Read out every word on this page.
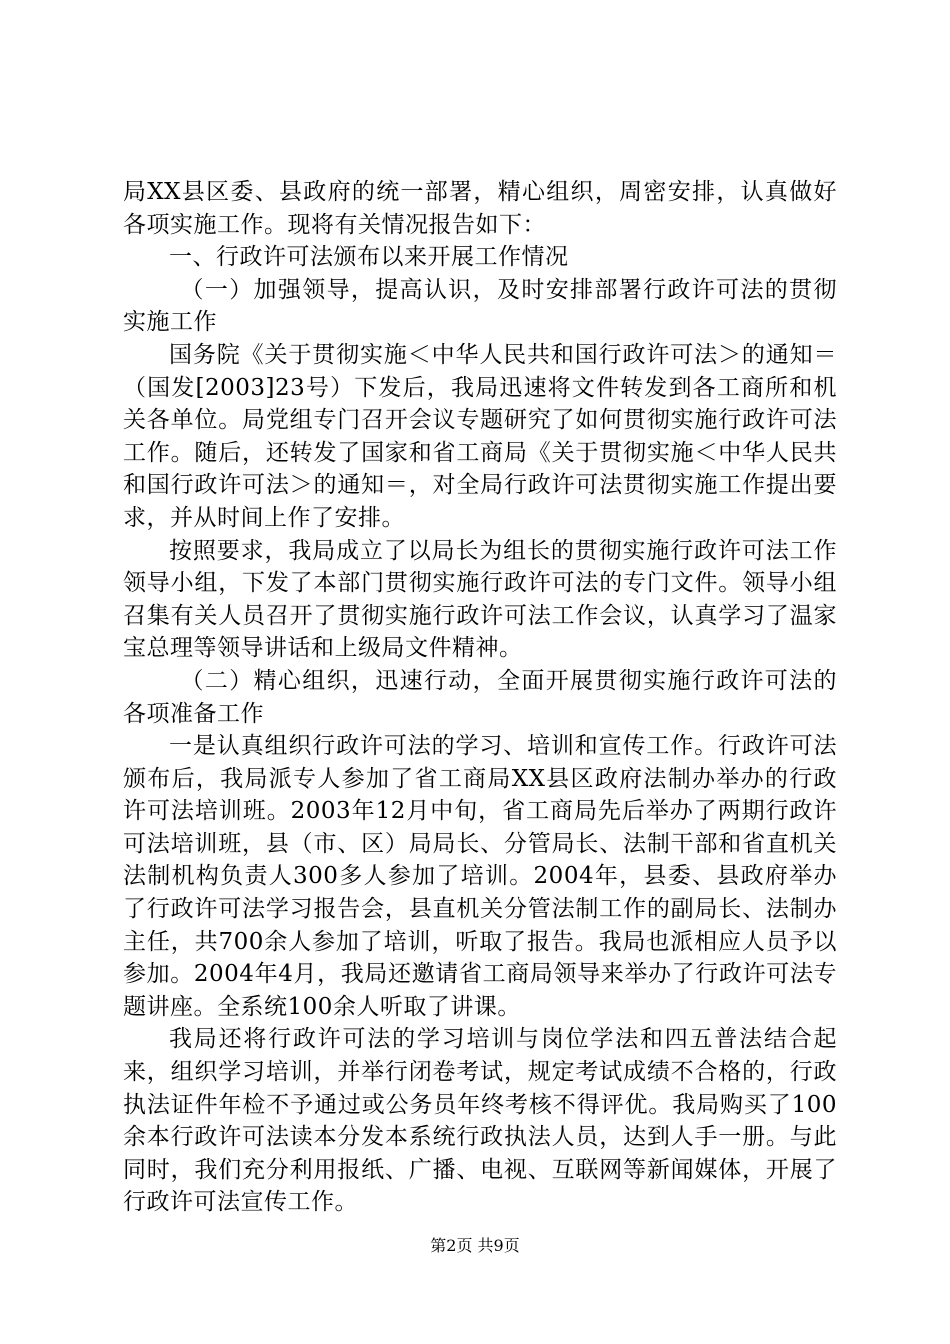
局XX县区委、县政府的统一部署，精心组织，周密安排，认真做好各项实施工作。现将有关情况报告如下：

一、行政许可法颁布以来开展工作情况

（一）加强领导，提高认识，及时安排部署行政许可法的贯彻实施工作

国务院《关于贯彻实施＜中华人民共和国行政许可法＞的通知＝（国发[2003]23号）下发后，我局迅速将文件转发到各工商所和机关各单位。局党组专门召开会议专题研究了如何贯彻实施行政许可法工作。随后，还转发了国家和省工商局《关于贯彻实施＜中华人民共和国行政许可法＞的通知＝，对全局行政许可法贯彻实施工作提出要求，并从时间上作了安排。

按照要求，我局成立了以局长为组长的贯彻实施行政许可法工作领导小组，下发了本部门贯彻实施行政许可法的专门文件。领导小组召集有关人员召开了贯彻实施行政许可法工作会议，认真学习了温家宝总理等领导讲话和上级局文件精神。

（二）精心组织，迅速行动，全面开展贯彻实施行政许可法的各项准备工作

一是认真组织行政许可法的学习、培训和宣传工作。行政许可法颁布后，我局派专人参加了省工商局XX县区政府法制办举办的行政许可法培训班。2003年12月中旬，省工商局先后举办了两期行政许可法培训班，县（市、区）局局长、分管局长、法制干部和省直机关法制机构负责人300多人参加了培训。2004年，县委、县政府举办了行政许可法学习报告会，县直机关分管法制工作的副局长、法制办主任，共700余人参加了培训，听取了报告。我局也派相应人员予以参加。2004年4月，我局还邀请省工商局领导来举办了行政许可法专题讲座。全系统100余人听取了讲课。

我局还将行政许可法的学习培训与岗位学法和四五普法结合起来，组织学习培训，并举行闭卷考试，规定考试成绩不合格的，行政执法证件年检不予通过或公务员年终考核不得评优。我局购买了100余本行政许可法读本分发本系统行政执法人员，达到人手一册。与此同时，我们充分利用报纸、广播、电视、互联网等新闻媒体，开展了行政许可法宣传工作。

第2页 共9页
